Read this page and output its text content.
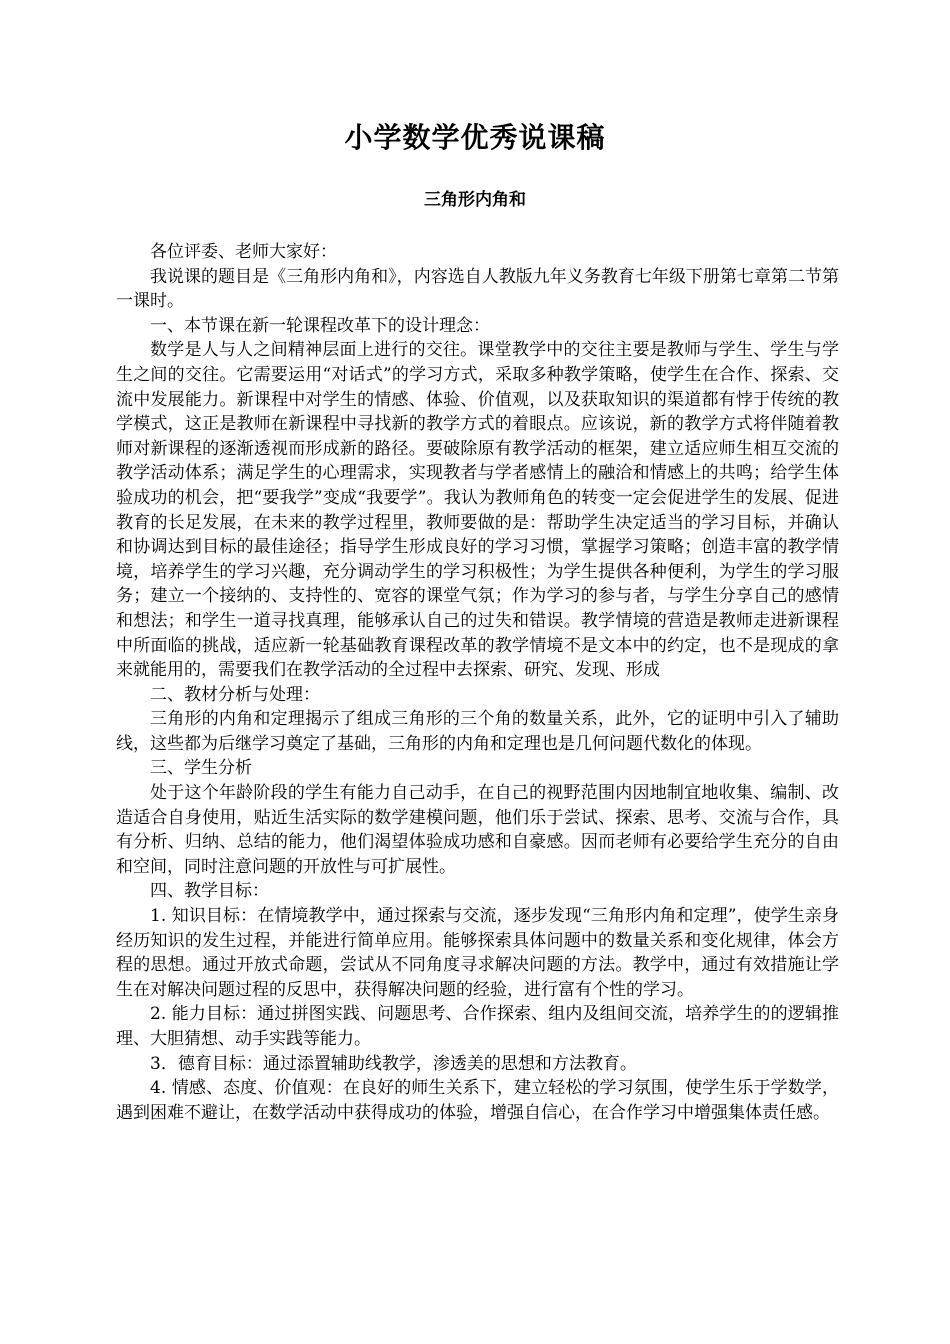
小学数学优秀说课稿
三角形内角和

各位评委、老师大家好：

我说课的题目是《三角形内角和》，内容选自人教版九年义务教育七年级下册第七章第二节第一课时。

一、本节课在新一轮课程改革下的设计理念：

数学是人与人之间精神层面上进行的交往。课堂教学中的交往主要是教师与学生、学生与学生之间的交往。它需要运用“对话式”的学习方式，采取多种教学策略，使学生在合作、探索、交流中发展能力。新课程中对学生的情感、体验、价值观，以及获取知识的渠道都有悖于传统的教学模式，这正是教师在新课程中寻找新的教学方式的着眼点。应该说，新的教学方式将伴随着教师对新课程的逐渐透视而形成新的路径。要破除原有教学活动的框架，建立适应师生相互交流的教学活动体系；满足学生的心理需求，实现教者与学者感情上的融洽和情感上的共鸣；给学生体验成功的机会，把“要我学”变成“我要学”。我认为教师角色的转变一定会促进学生的发展、促进教育的长足发展，在未来的教学过程里，教师要做的是：帮助学生决定适当的学习目标，并确认和协调达到目标的最佳途径；指导学生形成良好的学习习惯，掌握学习策略；创造丰富的教学情境，培养学生的学习兴趣，充分调动学生的学习积极性；为学生提供各种便利，为学生的学习服务；建立一个接纳的、支持性的、宽容的课堂气氛；作为学习的参与者，与学生分享自己的感情和想法；和学生一道寻找真理，能够承认自己的过失和错误。教学情境的营造是教师走进新课程中所面临的挑战，适应新一轮基础教育课程改革的教学情境不是文本中的约定，也不是现成的拿来就能用的，需要我们在教学活动的全过程中去探索、研究、发现、形成

二、教材分析与处理：

三角形的内角和定理揭示了组成三角形的三个角的数量关系，此外，它的证明中引入了辅助线，这些都为后继学习奠定了基础，三角形的内角和定理也是几何问题代数化的体现。

三、学生分析

处于这个年龄阶段的学生有能力自己动手，在自己的视野范围内因地制宜地收集、编制、改造适合自身使用，贴近生活实际的数学建模问题，他们乐于尝试、探索、思考、交流与合作，具有分析、归纳、总结的能力，他们渴望体验成功感和自豪感。因而老师有必要给学生充分的自由和空间，同时注意问题的开放性与可扩展性。

四、教学目标：

1. 知识目标：在情境教学中，通过探索与交流，逐步发现“三角形内角和定理”，使学生亲身经历知识的发生过程，并能进行简单应用。能够探索具体问题中的数量关系和变化规律，体会方程的思想。通过开放式命题，尝试从不同角度寻求解决问题的方法。教学中，通过有效措施让学生在对解决问题过程的反思中，获得解决问题的经验，进行富有个性的学习。

2. 能力目标：通过拼图实践、问题思考、合作探索、组内及组间交流，培养学生的的逻辑推理、大胆猜想、动手实践等能力。

3．德育目标：通过添置辅助线教学，渗透美的思想和方法教育。

4. 情感、态度、价值观：在良好的师生关系下，建立轻松的学习氛围，使学生乐于学数学，遇到困难不避让，在数学活动中获得成功的体验，增强自信心，在合作学习中增强集体责任感。
